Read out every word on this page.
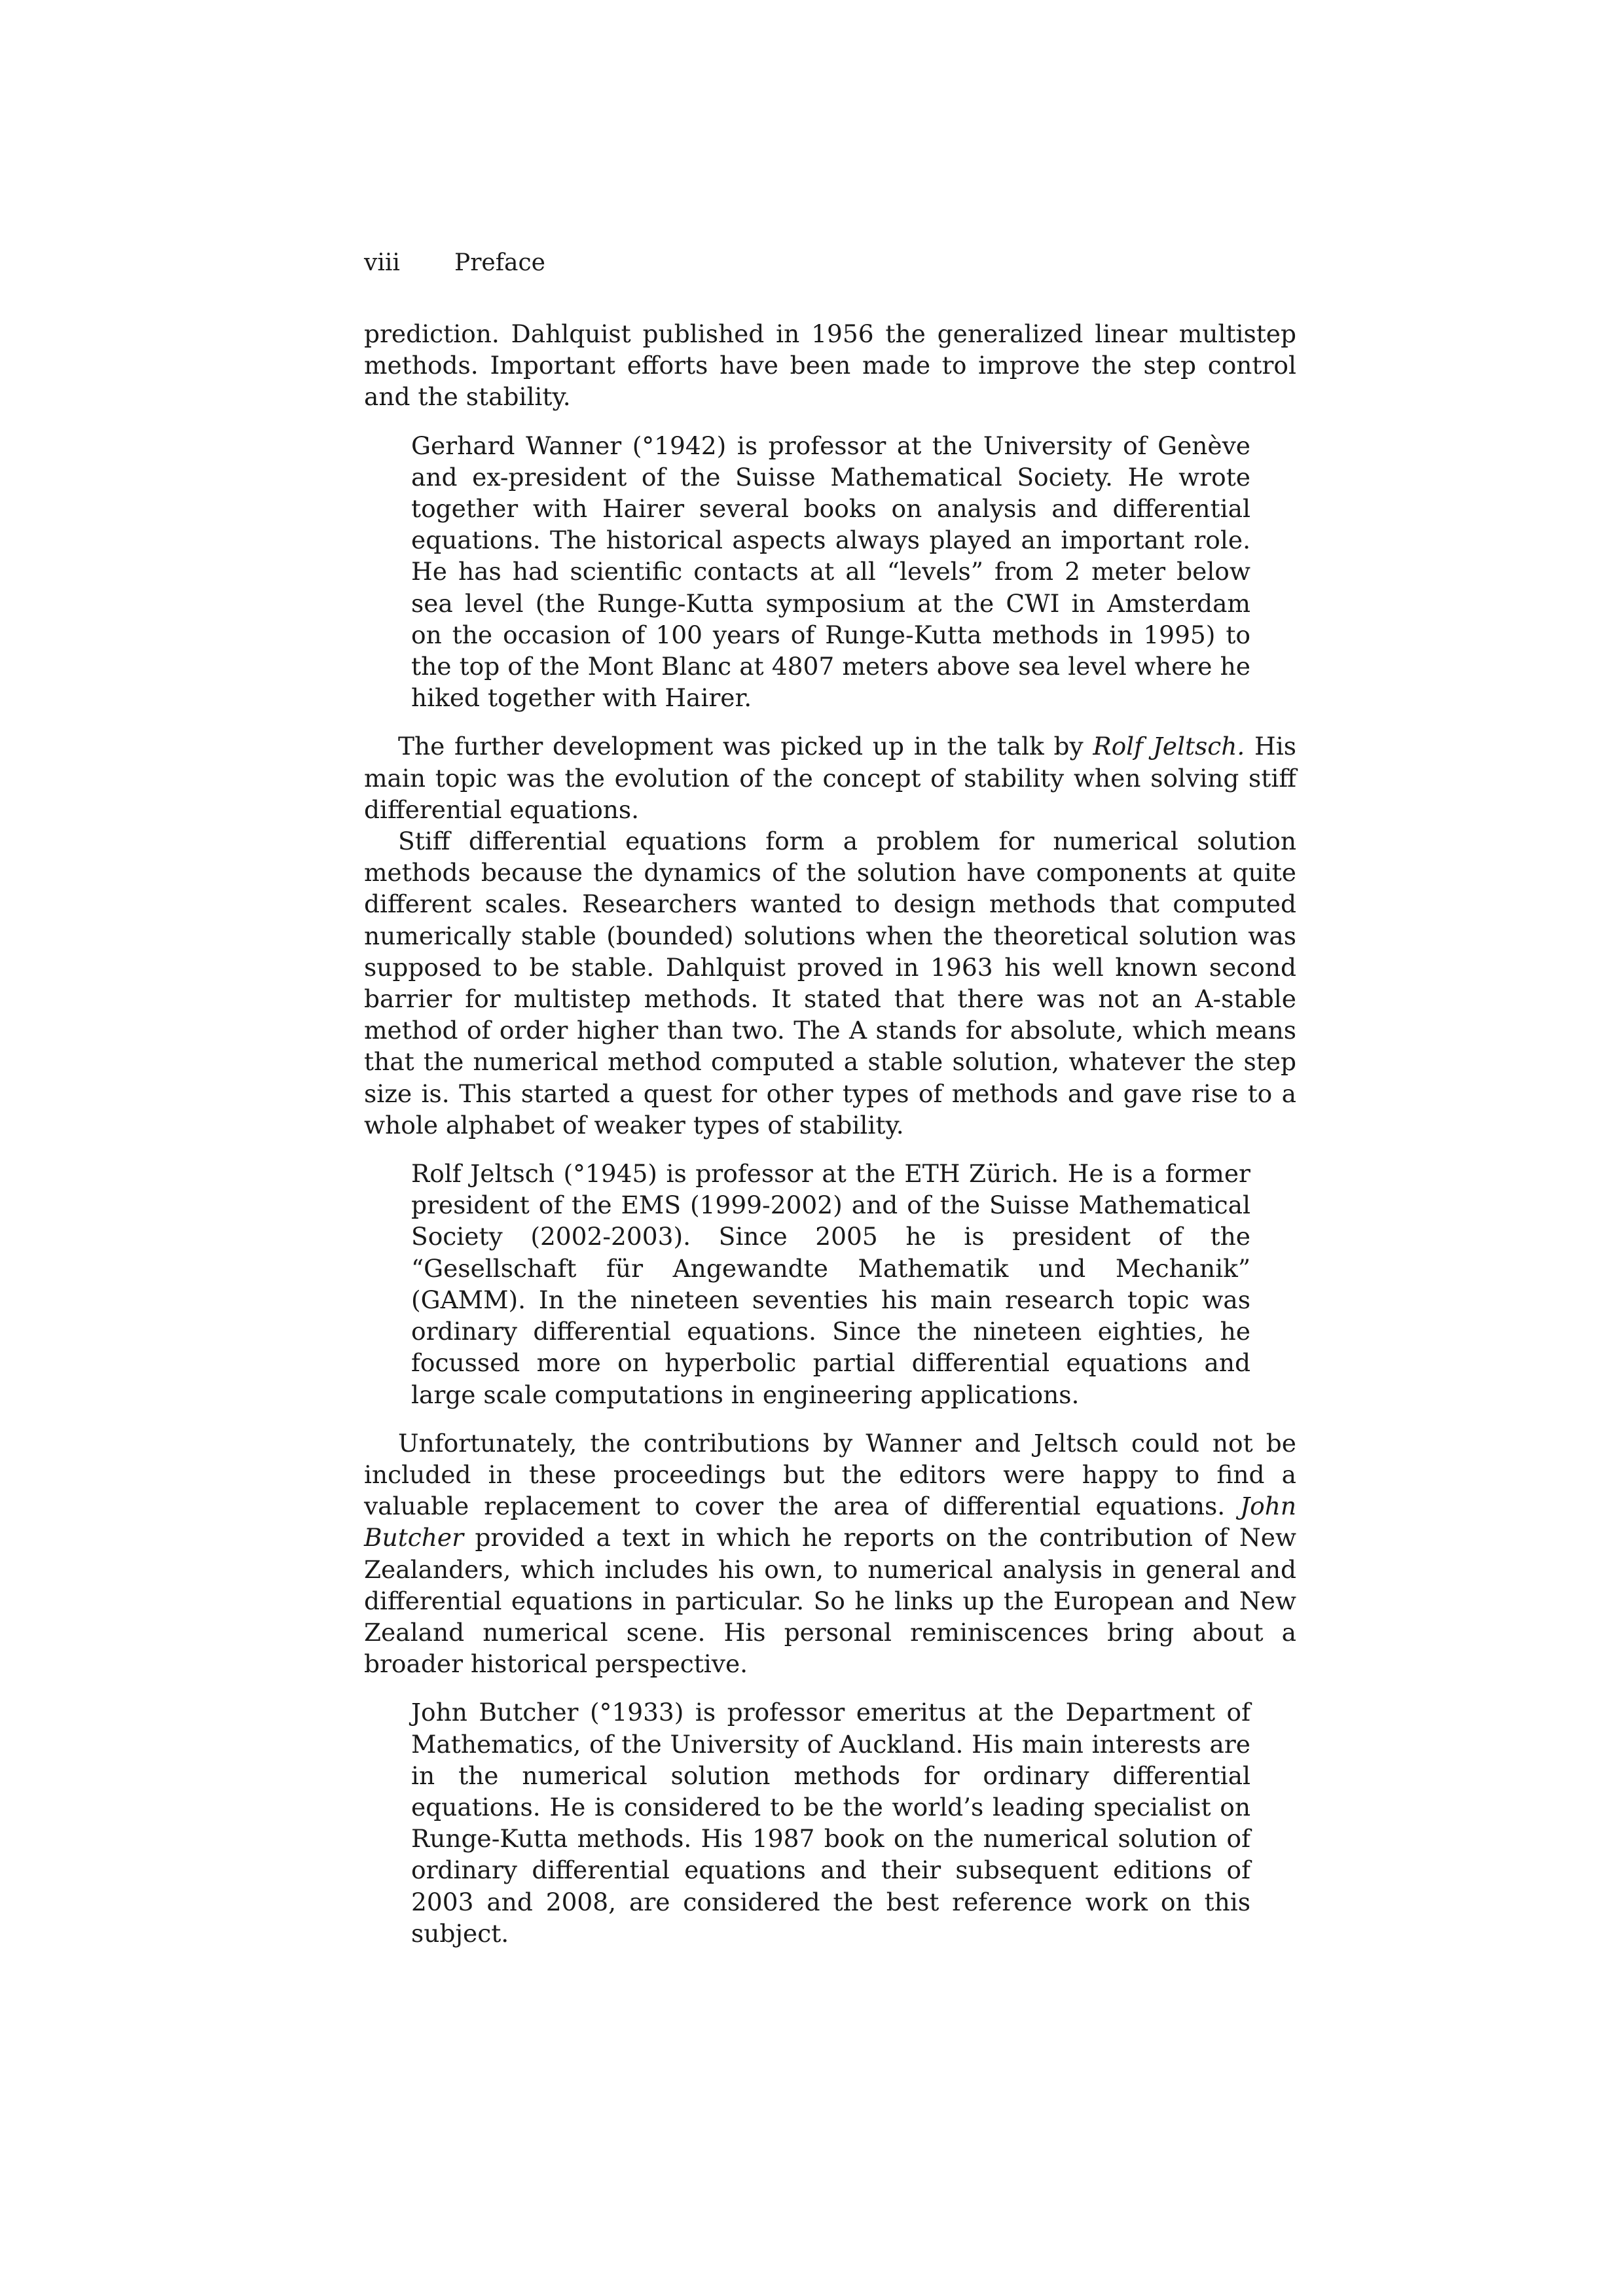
viii Preface

prediction. Dahlquist published in 1956 the generalized linear multistep methods. Important efforts have been made to improve the step control and the stability.

Gerhard Wanner (°1942) is professor at the University of Genève and ex-president of the Suisse Mathematical Society. He wrote together with Hairer several books on analysis and differential equations. The historical aspects always played an important role. He has had scientific contacts at all “levels” from 2 meter below sea level (the Runge-Kutta symposium at the CWI in Amsterdam on the occasion of 100 years of Runge-Kutta methods in 1995) to the top of the Mont Blanc at 4807 meters above sea level where he hiked together with Hairer.

The further development was picked up in the talk by Rolf Jeltsch. His main topic was the evolution of the concept of stability when solving stiff differential equations.

Stiff differential equations form a problem for numerical solution methods because the dynamics of the solution have components at quite different scales. Researchers wanted to design methods that computed numerically stable (bounded) solutions when the theoretical solution was supposed to be stable. Dahlquist proved in 1963 his well known second barrier for multistep methods. It stated that there was not an A-stable method of order higher than two. The A stands for absolute, which means that the numerical method computed a stable solution, whatever the step size is. This started a quest for other types of methods and gave rise to a whole alphabet of weaker types of stability.

Rolf Jeltsch (°1945) is professor at the ETH Zürich. He is a former president of the EMS (1999-2002) and of the Suisse Mathematical Society (2002-2003). Since 2005 he is president of the “Gesellschaft für Angewandte Mathematik und Mechanik” (GAMM). In the nineteen seventies his main research topic was ordinary differential equations. Since the nineteen eighties, he focussed more on hyperbolic partial differential equations and large scale computations in engineering applications.

Unfortunately, the contributions by Wanner and Jeltsch could not be included in these proceedings but the editors were happy to find a valuable replacement to cover the area of differential equations. John Butcher provided a text in which he reports on the contribution of New Zealanders, which includes his own, to numerical analysis in general and differential equations in particular. So he links up the European and New Zealand numerical scene. His personal reminiscences bring about a broader historical perspective.

John Butcher (°1933) is professor emeritus at the Department of Mathematics, of the University of Auckland. His main interests are in the numerical solution methods for ordinary differential equations. He is considered to be the world’s leading specialist on Runge-Kutta methods. His 1987 book on the numerical solution of ordinary differential equations and their subsequent editions of 2003 and 2008, are considered the best reference work on this subject.
